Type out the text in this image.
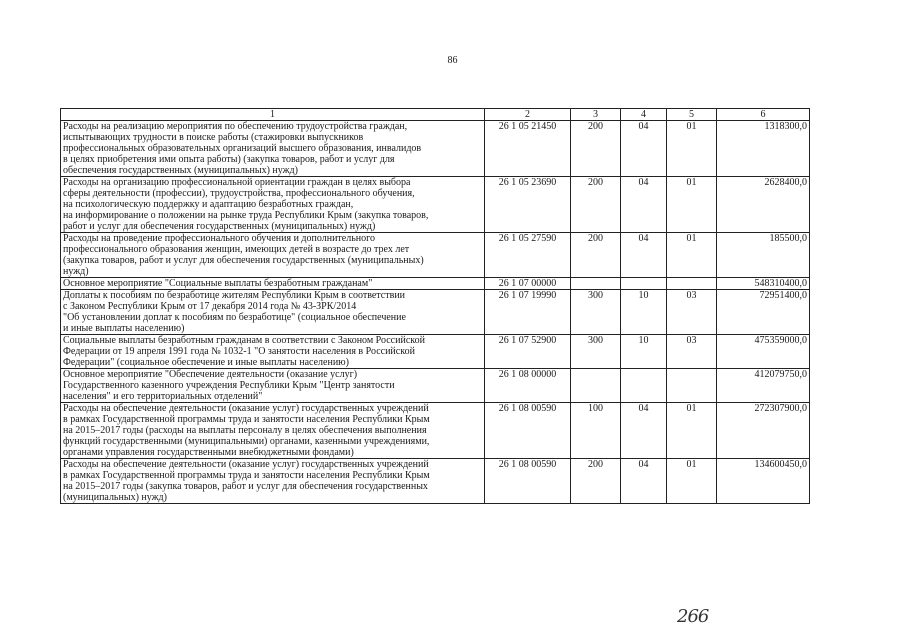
86
1	2	3	4	5	6

Расходы на реализацию мероприятия по обеспечению трудоустройства граждан,
испытывающих трудности в поиске работы (стажировки выпускников
профессиональных образовательных организаций высшего образования, инвалидов
в целях приобретения ими опыта работы) (закупка товаров, работ и услуг для
обеспечения государственных (муниципальных) нужд)	26 1 05 21450	200	04	01	1318300,0

Расходы на организацию профессиональной ориентации граждан в целях выбора
сферы деятельности (профессии), трудоустройства, профессионального обучения,
на психологическую поддержку и адаптацию безработных граждан,
на информирование о положении на рынке труда Республики Крым (закупка товаров,
работ и услуг для обеспечения государственных (муниципальных) нужд)	26 1 05 23690	200	04	01	2628400,0

Расходы на проведение профессионального обучения и дополнительного
профессионального образования женщин, имеющих детей в возрасте до трех лет
(закупка товаров, работ и услуг для обеспечения государственных (муниципальных)
нужд)	26 1 05 27590	200	04	01	185500,0

Основное мероприятие "Социальные выплаты безработным гражданам"	26 1 07 00000				548310400,0

Доплаты к пособиям по безработице жителям Республики Крым в соответствии
с Законом Республики Крым от 17 декабря 2014 года № 43-ЗРК/2014
"Об установлении доплат к пособиям по безработице" (социальное обеспечение
и иные выплаты населению)	26 1 07 19990	300	10	03	72951400,0

Социальные выплаты безработным гражданам в соответствии с Законом Российской
Федерации от 19 апреля 1991 года № 1032-1 "О занятости населения в Российской
Федерации" (социальное обеспечение и иные выплаты населению)	26 1 07 52900	300	10	03	475359000,0

Основное мероприятие "Обеспечение деятельности (оказание услуг)
Государственного казенного учреждения Республики Крым "Центр занятости
населения" и его территориальных отделений"	26 1 08 00000				412079750,0

Расходы на обеспечение деятельности (оказание услуг) государственных учреждений
в рамках Государственной программы труда и занятости населения Республики Крым
на 2015–2017 годы (расходы на выплаты персоналу в целях обеспечения выполнения
функций государственными (муниципальными) органами, казенными учреждениями,
органами управления государственными внебюджетными фондами)	26 1 08 00590	100	04	01	272307900,0

Расходы на обеспечение деятельности (оказание услуг) государственных учреждений
в рамках Государственной программы труда и занятости населения Республики Крым
на 2015–2017 годы (закупка товаров, работ и услуг для обеспечения государственных
(муниципальных) нужд)	26 1 08 00590	200	04	01	134600450,0
266
